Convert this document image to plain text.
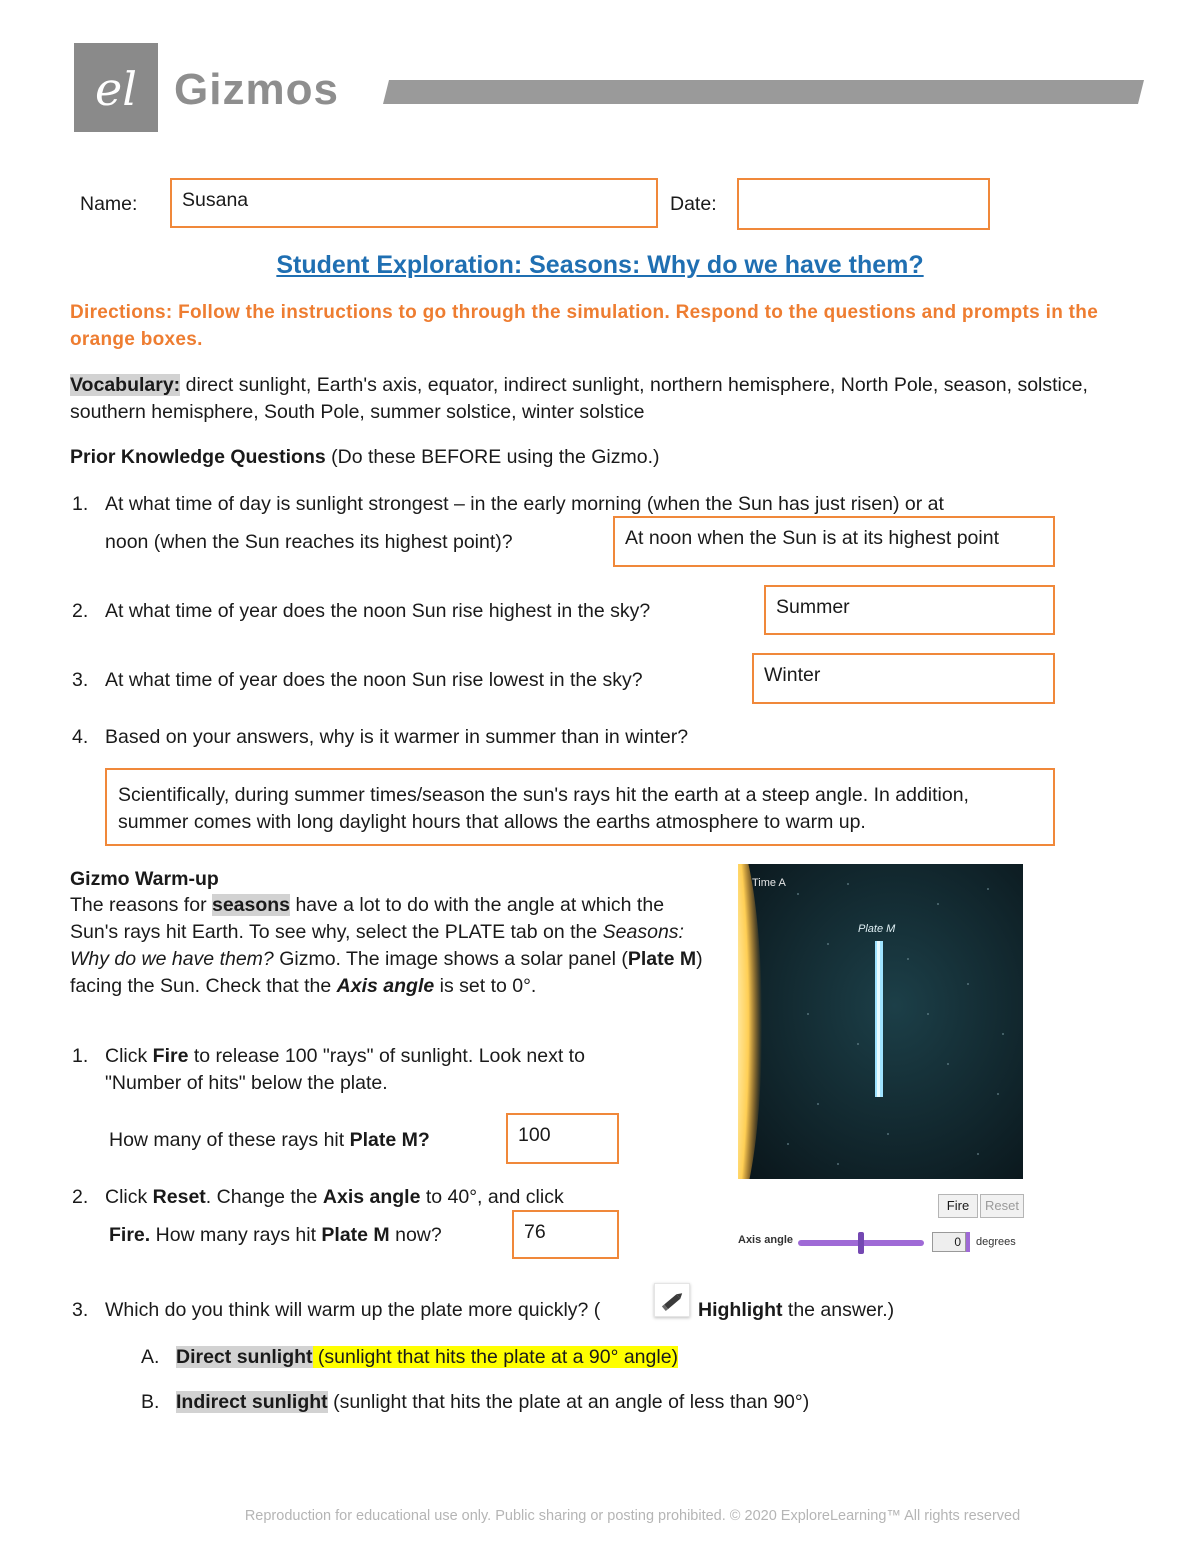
el Gizmos
Name:	Susana	Date:
Student Exploration: Seasons: Why do we have them?
Directions: Follow the instructions to go through the simulation. Respond to the questions and prompts in the orange boxes.
Vocabulary: direct sunlight, Earth's axis, equator, indirect sunlight, northern hemisphere, North Pole, season, solstice, southern hemisphere, South Pole, summer solstice, winter solstice
Prior Knowledge Questions (Do these BEFORE using the Gizmo.)
1. At what time of day is sunlight strongest – in the early morning (when the Sun has just risen) or at
noon (when the Sun reaches its highest point)?	At noon when the Sun is at its highest point
2. At what time of year does the noon Sun rise highest in the sky?	Summer
3. At what time of year does the noon Sun rise lowest in the sky?	Winter
4. Based on your answers, why is it warmer in summer than in winter?
Scientifically, during summer times/season the sun's rays hit the earth at a steep angle. In addition, summer comes with long daylight hours that allows the earths atmosphere to warm up.
Gizmo Warm-up
The reasons for seasons have a lot to do with the angle at which the Sun's rays hit Earth. To see why, select the PLATE tab on the Seasons: Why do we have them? Gizmo. The image shows a solar panel (Plate M) facing the Sun. Check that the Axis angle is set to 0°.
1. Click Fire to release 100 "rays" of sunlight. Look next to "Number of hits" below the plate.
How many of these rays hit Plate M?	100
2. Click Reset. Change the Axis angle to 40°, and click
Fire. How many rays hit Plate M now?	76
Time A
Plate M
Fire	Reset
Axis angle	0	degrees
3. Which do you think will warm up the plate more quickly? (	Highlight the answer.)
A. Direct sunlight (sunlight that hits the plate at a 90° angle)
B. Indirect sunlight (sunlight that hits the plate at an angle of less than 90°)
Reproduction for educational use only. Public sharing or posting prohibited. © 2020 ExploreLearning™ All rights reserved
